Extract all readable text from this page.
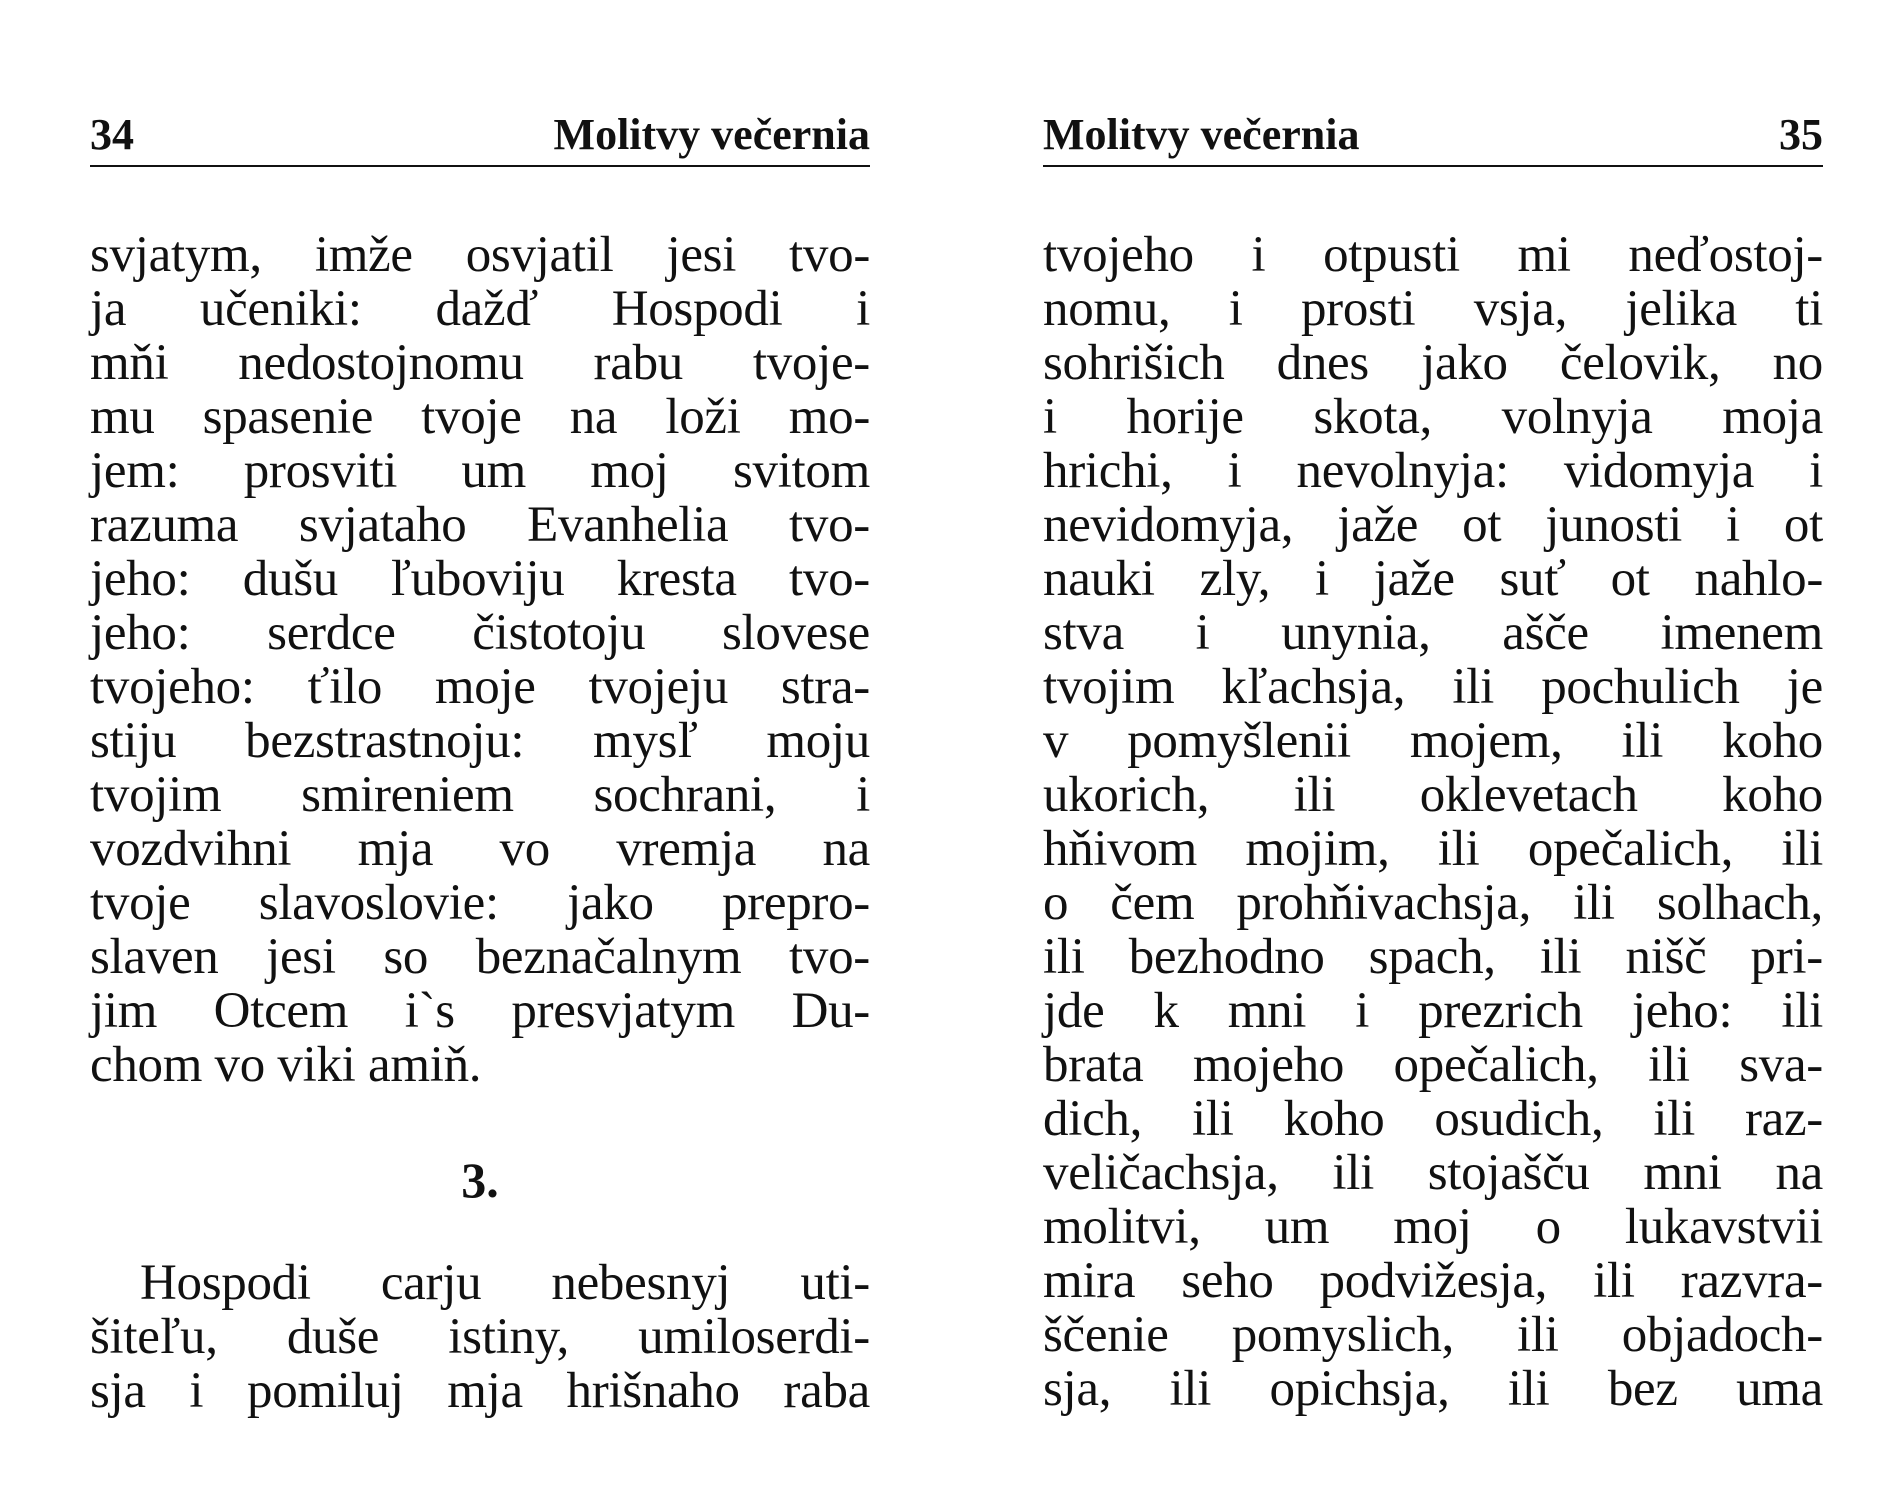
34	Molitvy večernia
svjatym, imže osvjatil jesi tvo-
ja učeniki: dažď Hospodi i
mňi nedostojnomu rabu tvoje-
mu spasenie tvoje na loži mo-
jem: prosviti um moj svitom
razuma svjataho Evanhelia tvo-
jeho: dušu ľuboviju kresta tvo-
jeho: serdce čistotoju slovese
tvojeho: ťilo moje tvojeju stra-
stiju bezstrastnoju: mysľ moju
tvojim smireniem sochrani, i
vozdvihni mja vo vremja na
tvoje slavoslovie: jako prepro-
slaven jesi so beznačalnym tvo-
jim Otcem i`s presvjatym Du-
chom vo viki amiň.
3.
Hospodi carju nebesnyj uti-
šiteľu, duše istiny, umiloserdi-
sja i pomiluj mja hrišnaho raba
Molitvy večernia	35
tvojeho i otpusti mi neďostoj-
nomu, i prosti vsja, jelika ti
sohrišich dnes jako čelovik, no
i horije skota, volnyja moja
hrichi, i nevolnyja: vidomyja i
nevidomyja, jaže ot junosti i ot
nauki zly, i jaže suť ot nahlo-
stva i unynia, ašče imenem
tvojim kľachsja, ili pochulich je
v pomyšlenii mojem, ili koho
ukorich, ili oklevetach koho
hňivom mojim, ili opečalich, ili
o čem prohňivachsja, ili solhach,
ili bezhodno spach, ili nišč pri-
jde k mni i prezrich jeho: ili
brata mojeho opečalich, ili sva-
dich, ili koho osudich, ili raz-
veličachsja, ili stojašču mni na
molitvi, um moj o lukavstvii
mira seho podvižesja, ili razvra-
ščenie pomyslich, ili objadoch-
sja, ili opichsja, ili bez uma
